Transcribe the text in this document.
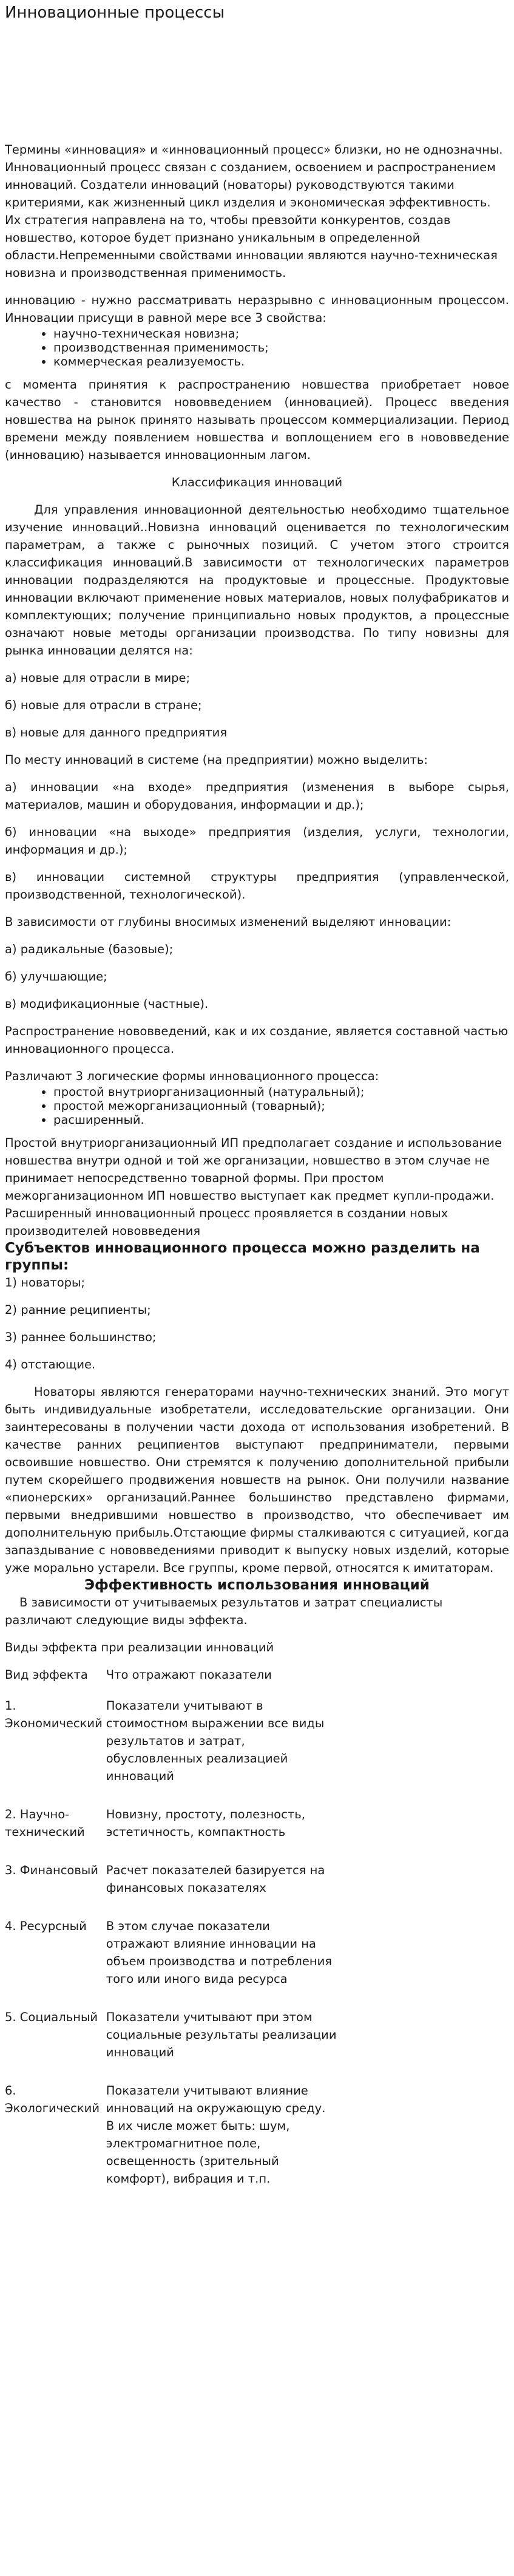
Инновационные процессы

Термины «инновация» и «инновационный процесс» близки, но не однозначны. Инновационный процесс связан с созданием, освоением и распространением инноваций. Создатели инноваций (новаторы) руководствуются такими критериями, как жизненный цикл изделия и экономическая эффективность. Их стратегия направлена на то, чтобы превзойти конкурентов, создав новшество, которое будет признано уникальным в определенной области.Непременными свойствами инновации являются научно-техническая новизна и производственная применимость.

инновацию - нужно рассматривать неразрывно с инновационным процессом. Инновации присущи в равной мере все 3 свойства:

• научно-техническая новизна;
• производственная применимость;
• коммерческая реализуемость.

с момента принятия к распространению новшества приобретает новое качество - становится нововведением (инновацией). Процесс введения новшества на рынок принято называть процессом коммерциализации. Период времени между появлением новшества и воплощением его в нововведение (инновацию) называется инновационным лагом.

Классификация инноваций

Для управления инновационной деятельностью необходимо тщательное изучение инноваций..Новизна инноваций оценивается по технологическим параметрам, а также с рыночных позиций. С учетом этого строится классификация инноваций.В зависимости от технологических параметров инновации подразделяются на продуктовые и процессные. Продуктовые инновации включают применение новых материалов, новых полуфабрикатов и комплектующих; получение принципиально новых продуктов, а процессные означают новые методы организации производства. По типу новизны для рынка инновации делятся на:

а) новые для отрасли в мире;

б) новые для отрасли в стране;

в) новые для данного предприятия

По месту инноваций в системе (на предприятии) можно выделить:

а) инновации «на входе» предприятия (изменения в выборе сырья, материалов, машин и оборудования, информации и др.);

б) инновации «на выходе» предприятия (изделия, услуги, технологии, информация и др.);

в) инновации системной структуры предприятия (управленческой, производственной, технологической).

В зависимости от глубины вносимых изменений выделяют инновации:

а) радикальные (базовые);

б) улучшающие;

в) модификационные (частные).

Распространение нововведений, как и их создание, является составной частью инновационного процесса.

Различают 3 логические формы инновационного процесса:

• простой внутриорганизационный (натуральный);
• простой межорганизационный (товарный);
• расширенный.

Простой внутриорганизационный ИП предполагает создание и использование новшества внутри одной и той же организации, новшество в этом случае не принимает непосредственно товарной формы. При простом межорганизационном ИП новшество выступает как предмет купли-продажи. Расширенный инновационный процесс проявляется в создании новых производителей нововведения

Субъектов инновационного процесса можно разделить на группы:

1) новаторы;

2) ранние реципиенты;

3) раннее большинство;

4) отстающие.

Новаторы являются генераторами научно-технических знаний. Это могут быть индивидуальные изобретатели, исследовательские организации. Они заинтересованы в получении части дохода от использования изобретений. В качестве ранних реципиентов выступают предприниматели, первыми освоившие новшество. Они стремятся к получению дополнительной прибыли путем скорейшего продвижения новшеств на рынок. Они получили название «пионерских» организаций.Раннее большинство представлено фирмами, первыми внедрившими новшество в производство, что обеспечивает им дополнительную прибыль.Отстающие фирмы сталкиваются с ситуацией, когда запаздывание с нововведениями приводит к выпуску новых изделий, которые уже морально устарели. Все группы, кроме первой, относятся к имитаторам.

Эффективность использования инноваций

В зависимости от учитываемых результатов и затрат специалисты различают следующие виды эффекта.

Виды эффекта при реализации инноваций

Вид эффекта	Что отражают показатели
1. Экономический	Показатели учитывают в стоимостном выражении все виды результатов и затрат, обусловленных реализацией инноваций
2. Научно-технический	Новизну, простоту, полезность, эстетичность, компактность
3. Финансовый	Расчет показателей базируется на финансовых показателях
4. Ресурсный	В этом случае показатели отражают влияние инновации на объем производства и потребления того или иного вида ресурса
5. Социальный	Показатели учитывают при этом социальные результаты реализации инноваций
6. Экологический	Показатели учитывают влияние инноваций на окружающую среду. В их числе может быть: шум, электромагнитное поле, освещенность (зрительный комфорт), вибрация и т.п.
